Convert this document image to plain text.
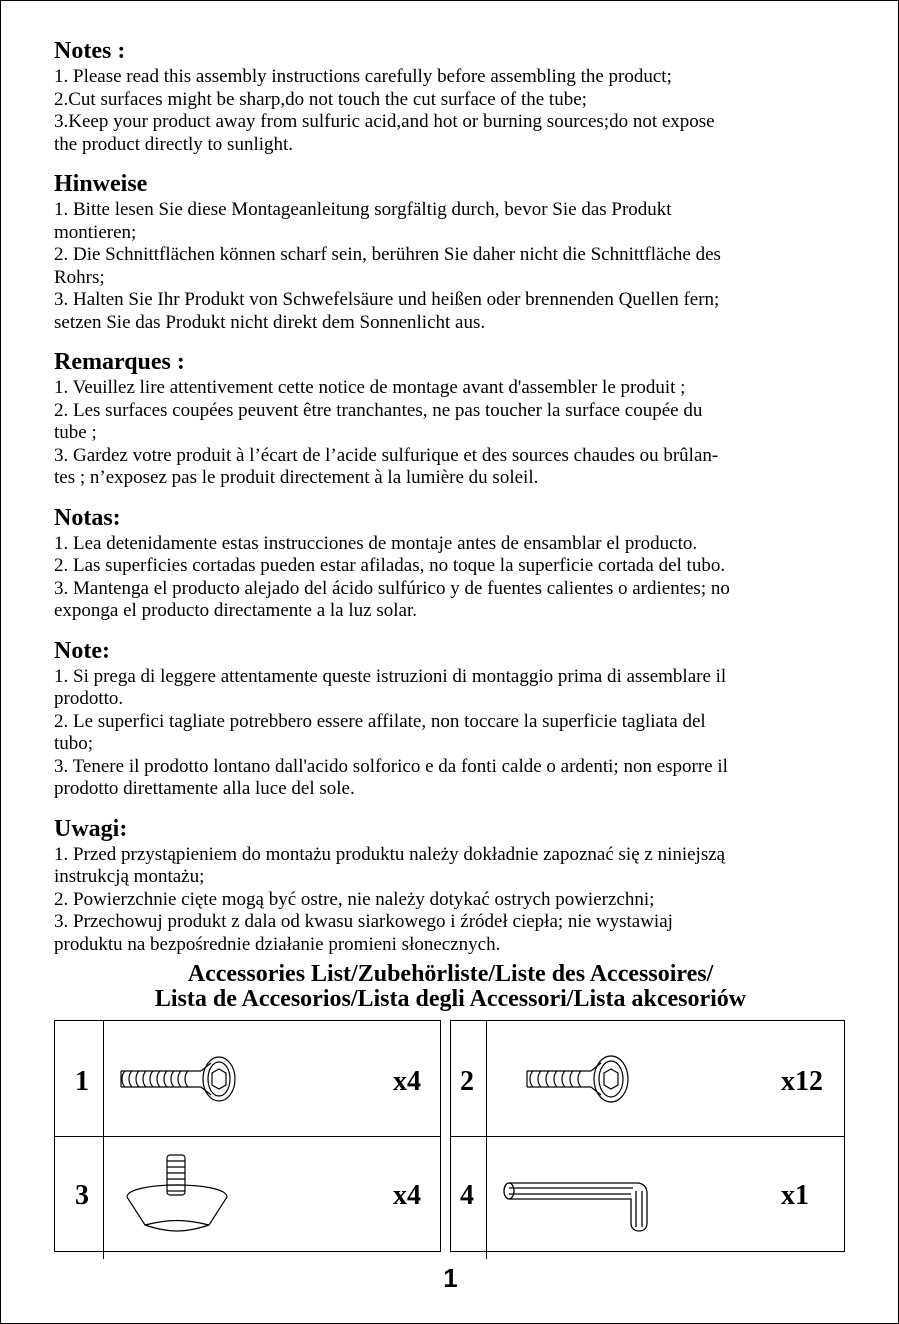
Notes :

1. Please read this assembly instructions carefully before assembling the product;

2.Cut surfaces might be sharp,do not touch the cut surface of the tube;

3.Keep your product away from sulfuric acid,and hot or burning sources;do not expose

the product directly to sunlight.

Hinweise

1. Bitte lesen Sie diese Montageanleitung sorgfältig durch, bevor Sie das Produkt

montieren;

2. Die Schnittflächen können scharf sein, berühren Sie daher nicht die Schnittfläche des

Rohrs;

3. Halten Sie Ihr Produkt von Schwefelsäure und heißen oder brennenden Quellen fern;

setzen Sie das Produkt nicht direkt dem Sonnenlicht aus.

Remarques :

1. Veuillez lire attentivement cette notice de montage avant d'assembler le produit ;

2. Les surfaces coupées peuvent être tranchantes, ne pas toucher la surface coupée du

tube ;

3. Gardez votre produit à l’écart de l’acide sulfurique et des sources chaudes ou brûlan-

tes ; n’exposez pas le produit directement à la lumière du soleil.

Notas:

1. Lea detenidamente estas instrucciones de montaje antes de ensamblar el producto.

2. Las superficies cortadas pueden estar afiladas, no toque la superficie cortada del tubo.

3. Mantenga el producto alejado del ácido sulfúrico y de fuentes calientes o ardientes; no

exponga el producto directamente a la luz solar.

Note:

1. Si prega di leggere attentamente queste istruzioni di montaggio prima di assemblare il

prodotto.

2. Le superfici tagliate potrebbero essere affilate, non toccare la superficie tagliata del

tubo;

3. Tenere il prodotto lontano dall'acido solforico e da fonti calde o ardenti; non esporre il

prodotto direttamente alla luce del sole.

Uwagi:

1. Przed przystąpieniem do montażu produktu należy dokładnie zapoznać się z niniejszą

instrukcją montażu;

2. Powierzchnie cięte mogą być ostre, nie należy dotykać ostrych powierzchni;

3. Przechowuj produkt z dala od kwasu siarkowego i źródeł ciepła; nie wystawiaj

produktu na bezpośrednie działanie promieni słonecznych.

Accessories List/Zubehörliste/Liste des Accessoires/
Lista de Accesorios/Lista degli Accessori/Lista akcesoriów
1	x4
3	x4
2	x12
4	x1
1
